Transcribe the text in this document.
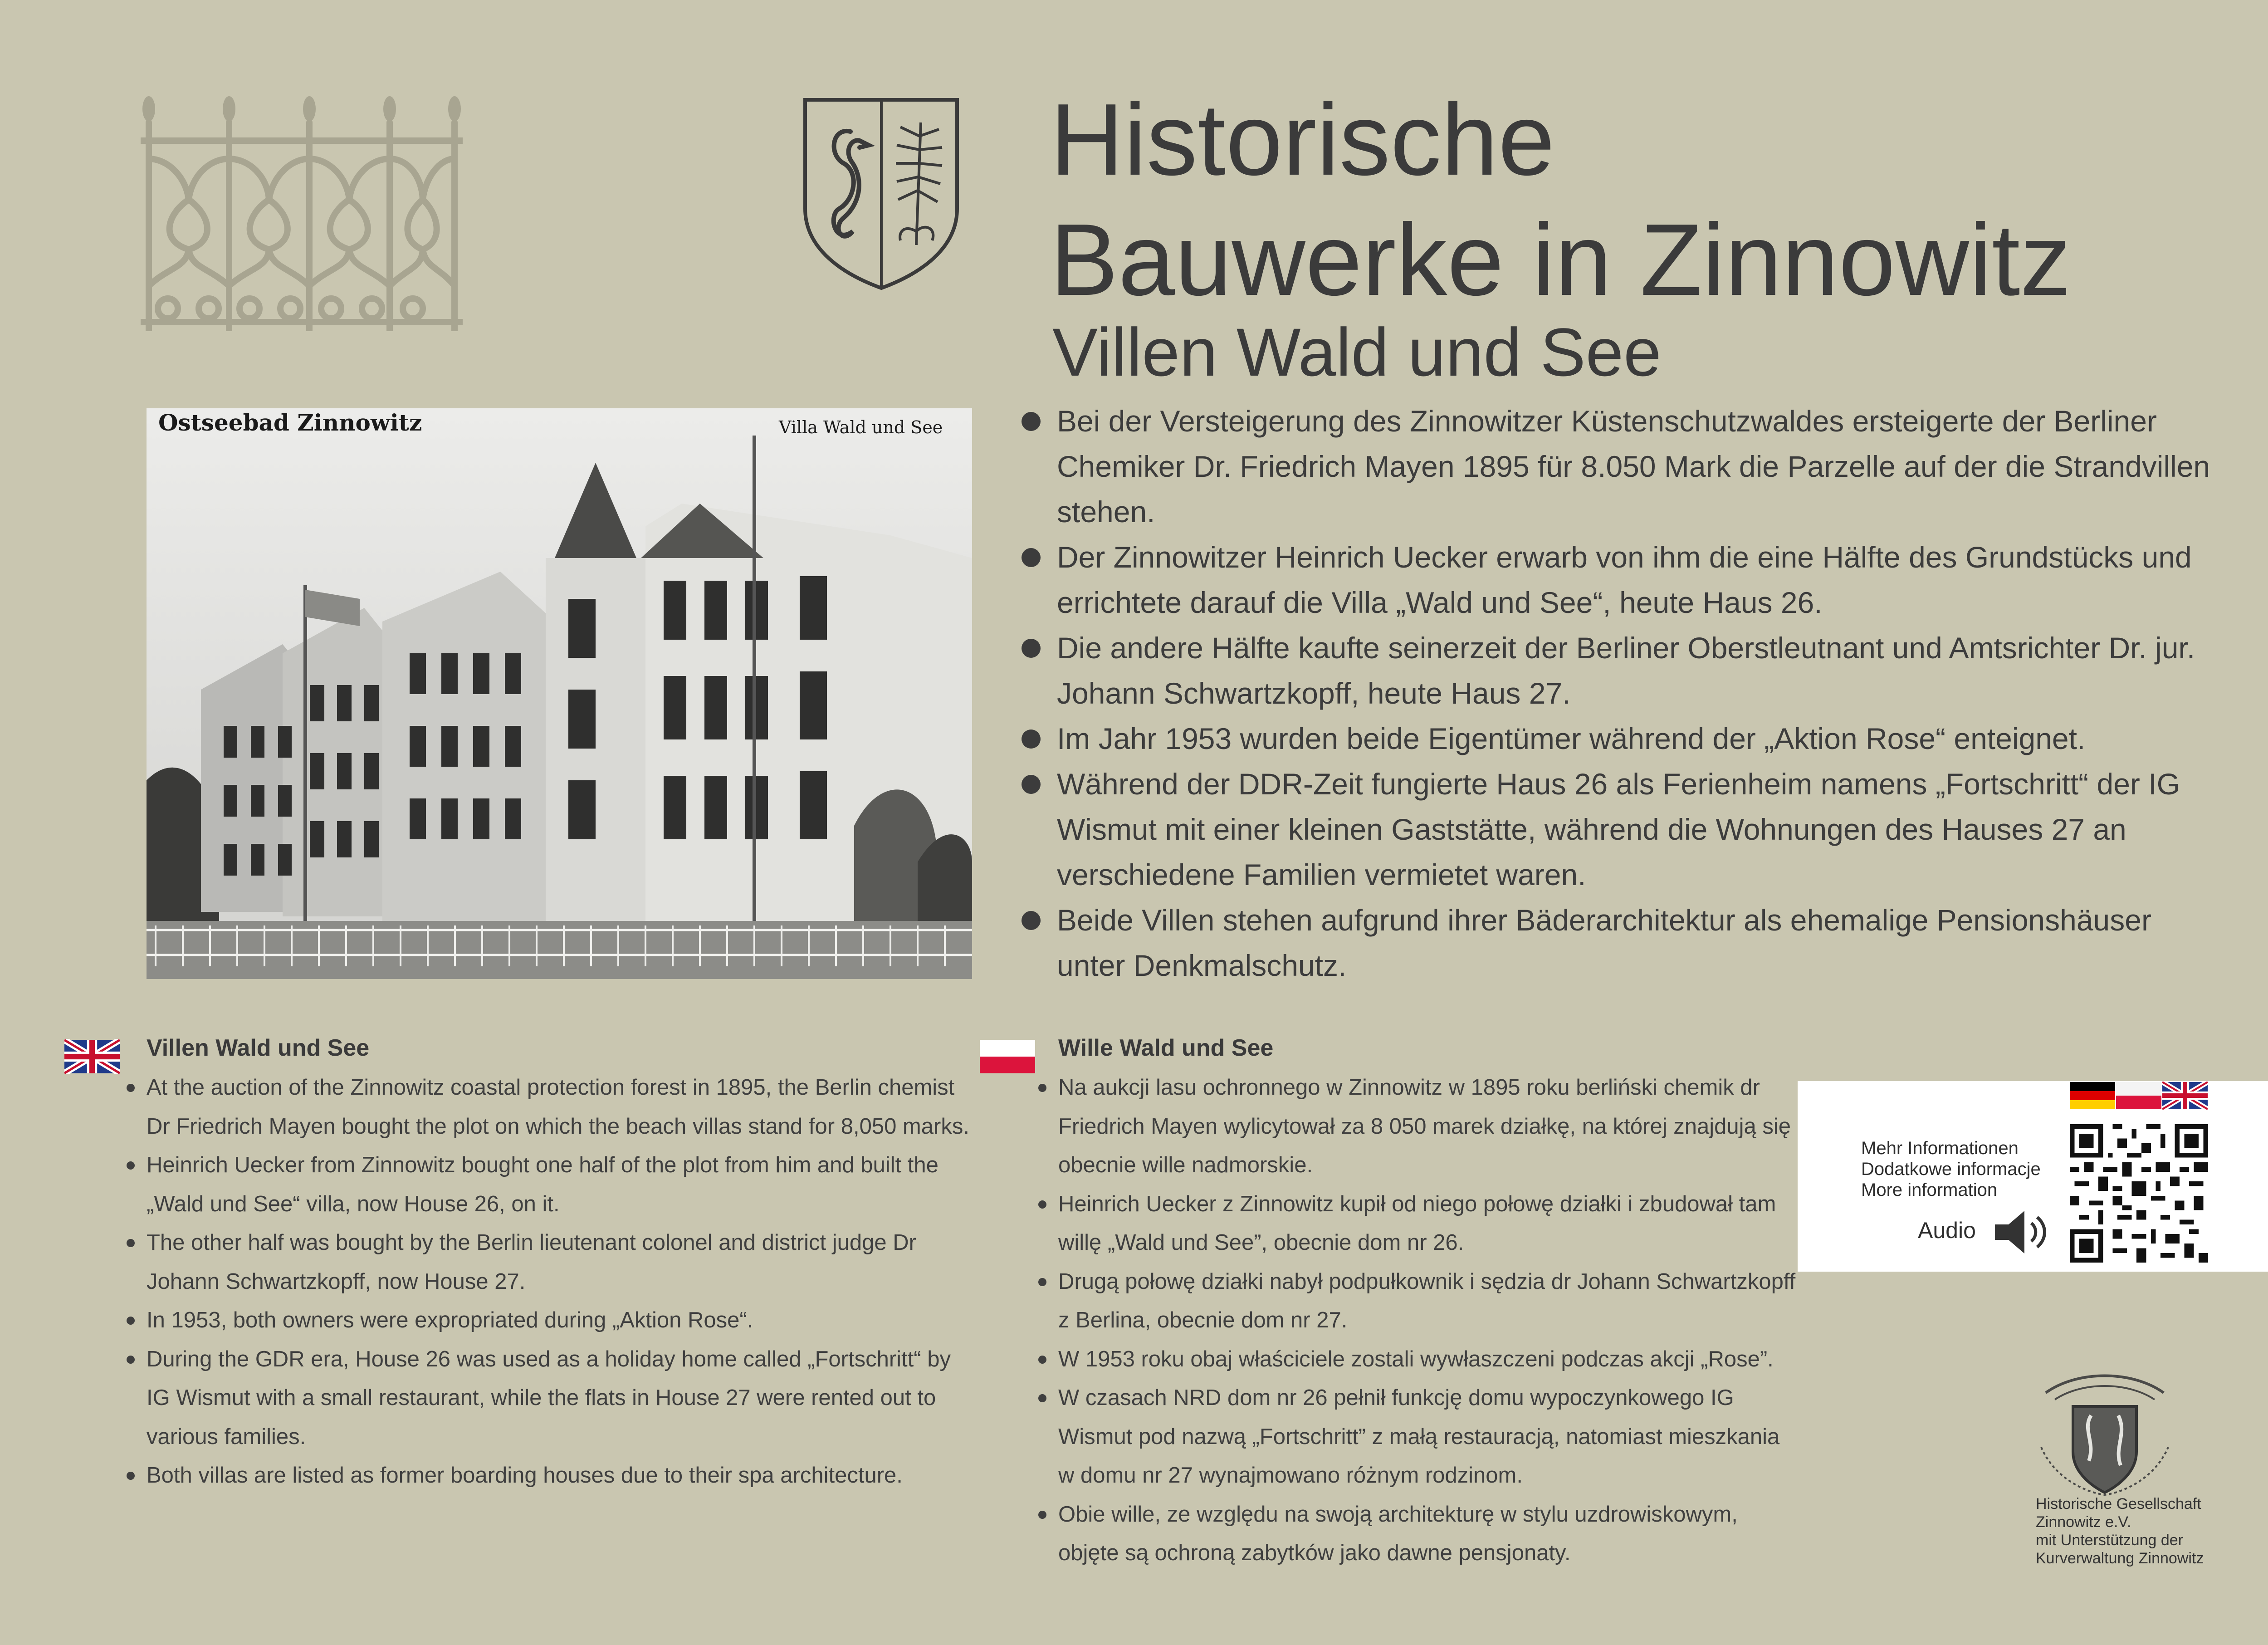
Historische
Bauwerke in Zinnowitz
Villen Wald und See
Ostseebad Zinnowitz	Villa Wald und See	Bei der Versteigerung des Zinnowitzer Küstenschutzwaldes ersteigerte der Berliner Chemiker Dr. Friedrich Mayen 1895 für 8.050 Mark die Parzelle auf der die Strandvillen stehen.
Der Zinnowitzer Heinrich Uecker erwarb von ihm die eine Hälfte des Grundstücks und errichtete darauf die Villa „Wald und See“, heute Haus 26.
Die andere Hälfte kaufte seinerzeit der Berliner Oberstleutnant und Amtsrichter Dr. jur. Johann Schwartzkopff, heute Haus 27.
Im Jahr 1953 wurden beide Eigentümer während der „Aktion Rose“ enteignet.
Während der DDR-Zeit fungierte Haus 26 als Ferienheim namens „Fortschritt“ der IG Wismut mit einer kleinen Gaststätte, während die Wohnungen des Hauses 27 an verschiedene Familien vermietet waren.
Beide Villen stehen aufgrund ihrer Bäderarchitektur als ehemalige Pensionshäuser unter Denkmalschutz.

Villen Wald und See

At the auction of the Zinnowitz coastal protection forest in 1895, the Berlin chemist Dr Friedrich Mayen bought the plot on which the beach villas stand for 8,050 marks.
Heinrich Uecker from Zinnowitz bought one half of the plot from him and built the „Wald und See“ villa, now House 26, on it.
The other half was bought by the Berlin lieutenant colonel and district judge Dr Johann Schwartzkopff, now House 27.
In 1953, both owners were expropriated during „Aktion Rose“.
During the GDR era, House 26 was used as a holiday home called „Fortschritt“ by IG Wismut with a small restaurant, while the flats in House 27 were rented out to various families.
Both villas are listed as former boarding houses due to their spa architecture.

Wille Wald und See

Na aukcji lasu ochronnego w Zinnowitz w 1895 roku berliński chemik dr Friedrich Mayen wylicytował za 8 050 marek działkę, na której znajdują się obecnie wille nadmorskie.
Heinrich Uecker z Zinnowitz kupił od niego połowę działki i zbudował tam willę „Wald und See”, obecnie dom nr 26.
Drugą połowę działki nabył podpułkownik i sędzia dr Johann Schwartzkopff z Berlina, obecnie dom nr 27.
W 1953 roku obaj właściciele zostali wywłaszczeni podczas akcji „Rose”.
W czasach NRD dom nr 26 pełnił funkcję domu wypoczynkowego IG Wismut pod nazwą „Fortschritt” z małą restauracją, natomiast mieszkania w domu nr 27 wynajmowano różnym rodzinom.
Obie wille, ze względu na swoją architekturę w stylu uzdrowiskowym, objęte są ochroną zabytków jako dawne pensjonaty.
Mehr Informationen
Dodatkowe informacje
More information
Audio
Historische Gesellschaft
Zinnowitz e.V.
mit Unterstützung der
Kurverwaltung Zinnowitz
